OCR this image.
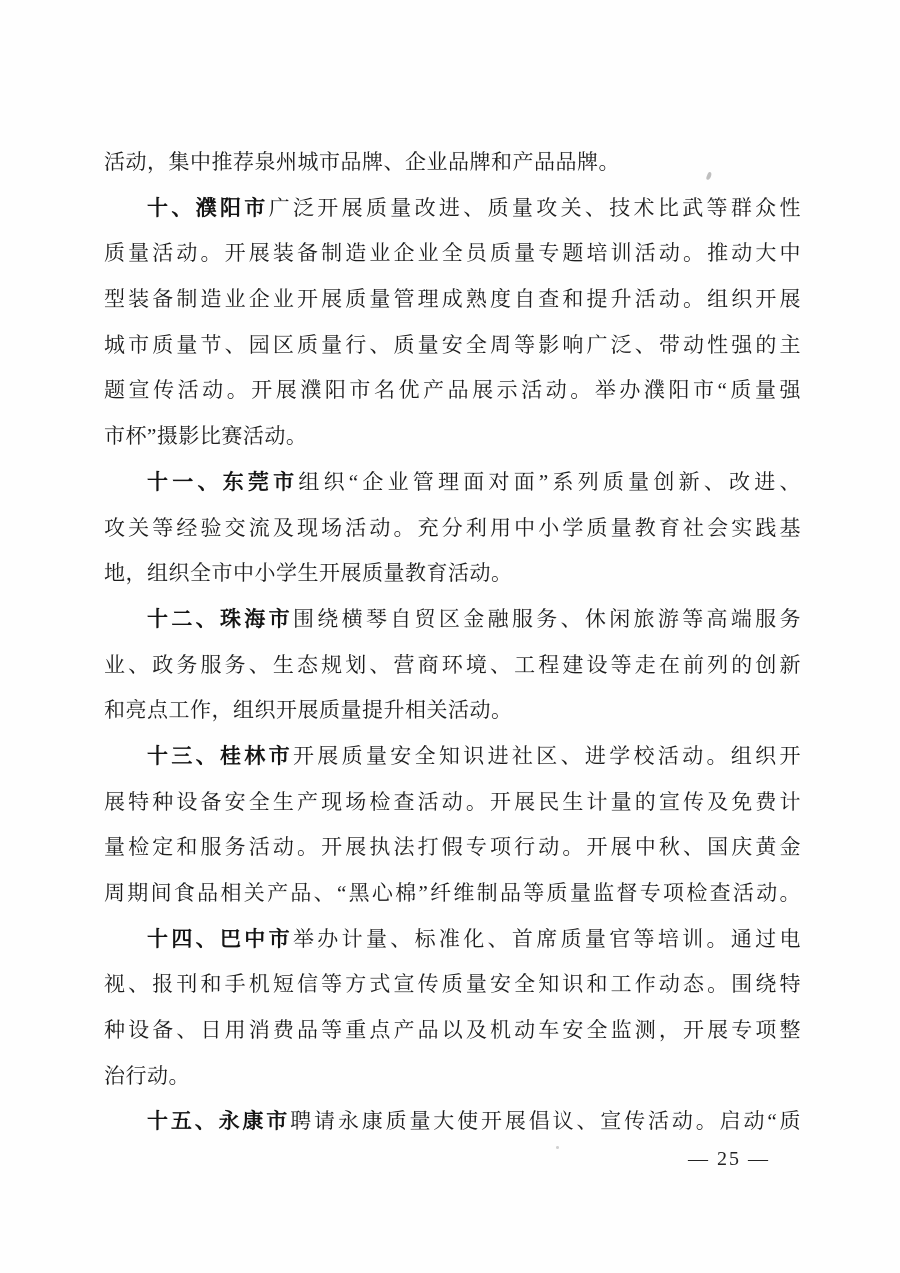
活动，集中推荐泉州城市品牌、企业品牌和产品品牌。
十、濮阳市广泛开展质量改进、质量攻关、技术比武等群众性
质量活动。开展装备制造业企业全员质量专题培训活动。推动大中
型装备制造业企业开展质量管理成熟度自查和提升活动。组织开展
城市质量节、园区质量行、质量安全周等影响广泛、带动性强的主
题宣传活动。开展濮阳市名优产品展示活动。举办濮阳市“质量强
市杯”摄影比赛活动。
十一、东莞市组织“企业管理面对面”系列质量创新、改进、
攻关等经验交流及现场活动。充分利用中小学质量教育社会实践基
地，组织全市中小学生开展质量教育活动。
十二、珠海市围绕横琴自贸区金融服务、休闲旅游等高端服务
业、政务服务、生态规划、营商环境、工程建设等走在前列的创新
和亮点工作，组织开展质量提升相关活动。
十三、桂林市开展质量安全知识进社区、进学校活动。组织开
展特种设备安全生产现场检查活动。开展民生计量的宣传及免费计
量检定和服务活动。开展执法打假专项行动。开展中秋、国庆黄金
周期间食品相关产品、“黑心棉”纤维制品等质量监督专项检查活动。
十四、巴中市举办计量、标准化、首席质量官等培训。通过电
视、报刊和手机短信等方式宣传质量安全知识和工作动态。围绕特
种设备、日用消费品等重点产品以及机动车安全监测，开展专项整
治行动。
十五、永康市聘请永康质量大使开展倡议、宣传活动。启动“质
— 25 —
